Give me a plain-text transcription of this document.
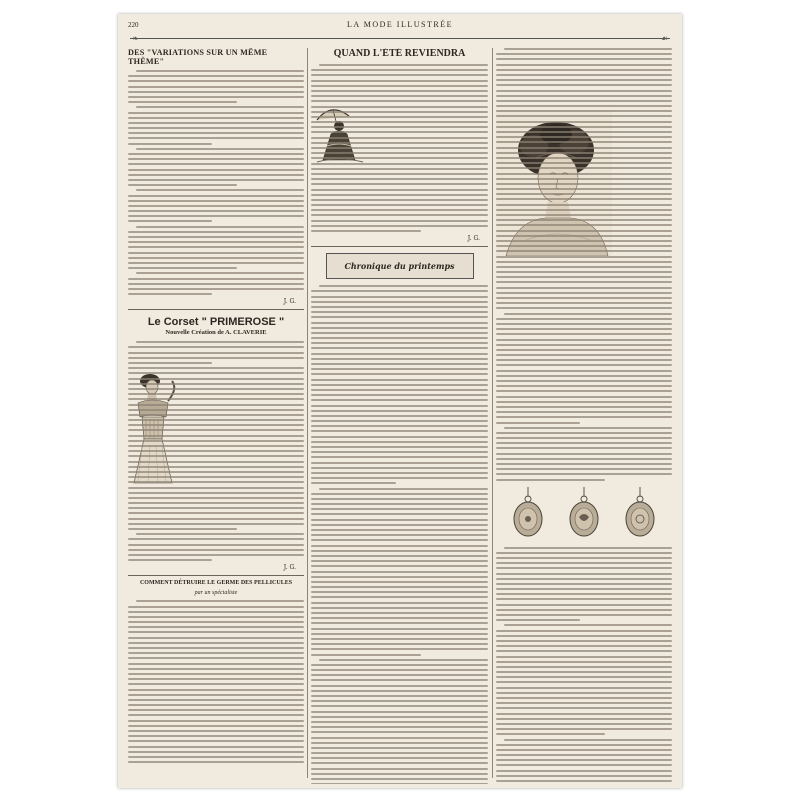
220	LA MODE ILLUSTRÉE
❧	☙
DES "VARIATIONS SUR UN MÊME THÈME"
J. G.
Le Corset " PRIMEROSE "
Nouvelle Création de A. CLAVERIE
J. G.
COMMENT DÉTRUIRE LE GERME DES PELLICULES
par un spécialiste
QUAND L'ÉTÉ REVIENDRA
J. G.
Chronique du printemps
